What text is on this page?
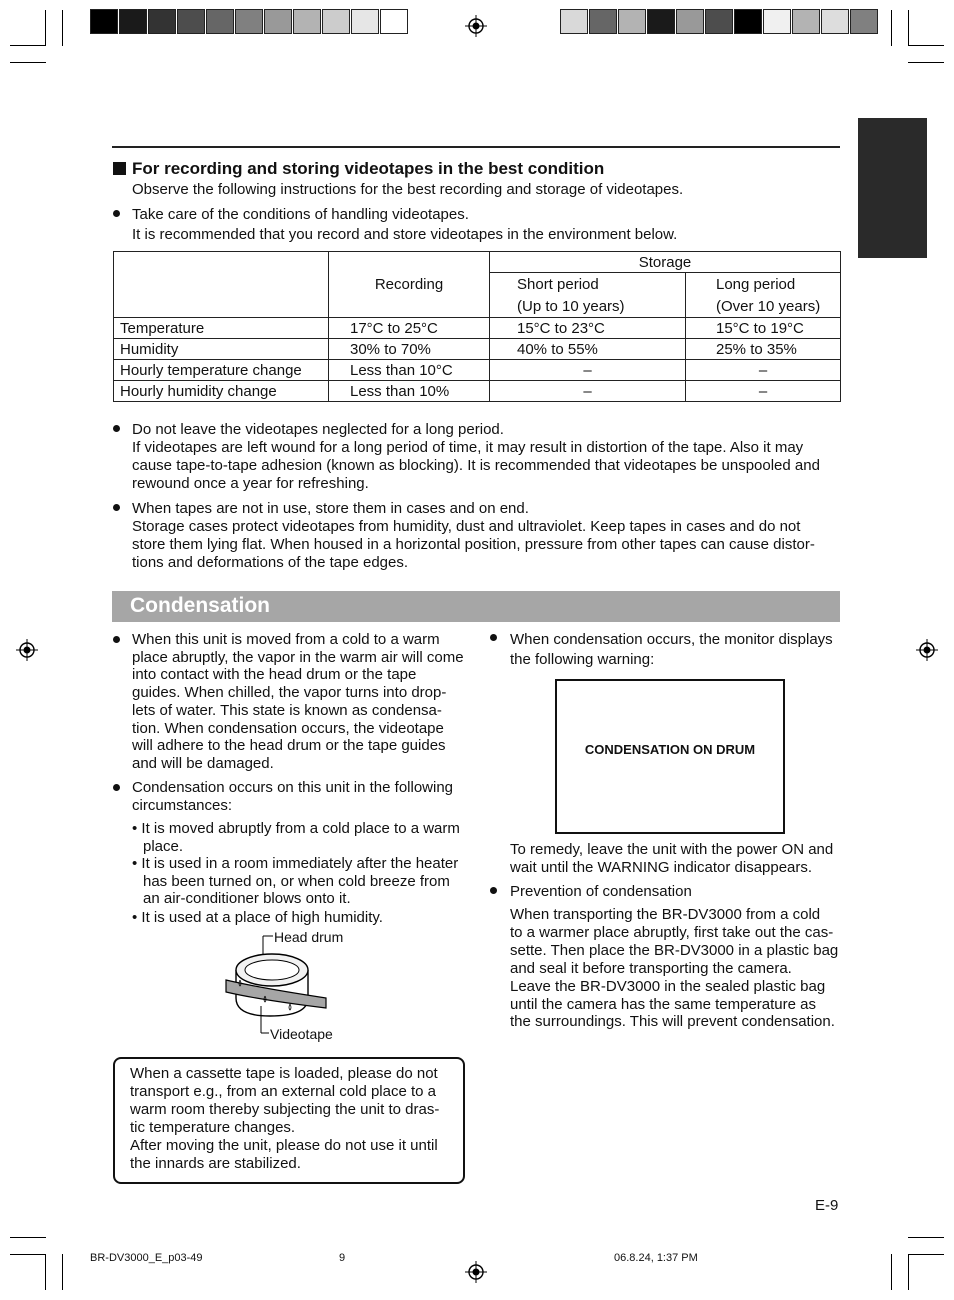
For recording and storing videotapes in the best condition
Observe the following instructions for the best recording and storage of videotapes.
Take care of the conditions of handling videotapes.
It is recommended that you record and store videotapes in the environment below.
	Recording	Storage	
		Short period	Long period
		(Up to 10 years)	(Over 10 years)
Temperature	17°C to 25°C	15°C to 23°C	15°C to 19°C
Humidity	30% to 70%	40% to 55%	25% to 35%
Hourly temperature change	Less than 10°C	–	–
Hourly humidity change	Less than 10%	–	–
Do not leave the videotapes neglected for a long period.
If videotapes are left wound for a long period of time, it may result in distortion of the tape. Also it may
cause tape-to-tape adhesion (known as blocking). It is recommended that videotapes be unspooled and
rewound once a year for refreshing.
When tapes are not in use, store them in cases and on end.
Storage cases protect videotapes from humidity, dust and ultraviolet. Keep tapes in cases and do not
store them lying flat. When housed in a horizontal position, pressure from other tapes can cause distor-
tions and deformations of the tape edges.
Condensation
When this unit is moved from a cold to a warm
place abruptly, the vapor in the warm air will come
into contact with the head drum or the tape
guides. When chilled, the vapor turns into drop-
lets of water. This state is known as condensa-
tion. When condensation occurs, the videotape
will adhere to the head drum or the tape guides
and will be damaged.
Condensation occurs on this unit in the following
circumstances:
• It is moved abruptly from a cold place to a warm
place.
• It is used in a room immediately after the heater
has been turned on, or when cold breeze from
an air-conditioner blows onto it.
• It is used at a place of high humidity.
Head drum
Videotape
When a cassette tape is loaded, please do not
transport e.g., from an external cold place to a
warm room thereby subjecting the unit to dras-
tic temperature changes.
After moving the unit, please do not use it until
the innards are stabilized.
When condensation occurs, the monitor displays
the following warning:
CONDENSATION ON DRUM
To remedy, leave the unit with the power ON and
wait until the WARNING indicator disappears.
Prevention of condensation
When transporting the BR-DV3000 from a cold
to a warmer place abruptly, first take out the cas-
sette. Then place the BR-DV3000 in a plastic bag
and seal it before transporting the camera.
Leave the BR-DV3000 in the sealed plastic bag
until the camera has the same temperature as
the surroundings. This will prevent condensation.
E-9
BR-DV3000_E_p03-49	9	06.8.24, 1:37 PM
